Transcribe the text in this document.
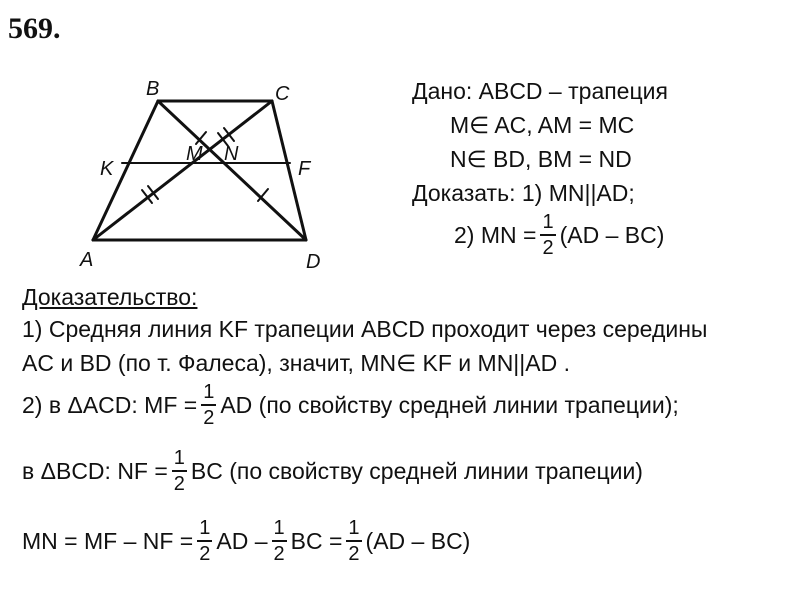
569.
B	C
K
M N
F
A	D
Дано: ABCD – трапеция
M∈ AC, AM = MC
N∈ BD, BM = ND
Доказать: 1) MN||AD;
2) MN = $\frac{1}{2} (AD - BC)$
Доказательство:
1) Средняя линия KF трапеции ABCD проходит через середины
AC и BD (по т. Фалеса), значит, MN∈ KF и MN||AD .
2) в ΔACD: MF = $\frac{1}{2}$ AD (по свойству средней линии трапеции);
в ΔBCD: NF = $\frac{1}{2}$ BC (по свойству средней линии трапеции)
MN = MF – NF = $\frac{1}{2}$ AD – $\frac{1}{2}$ BC = $\frac{1}{2} (AD - BC)$
